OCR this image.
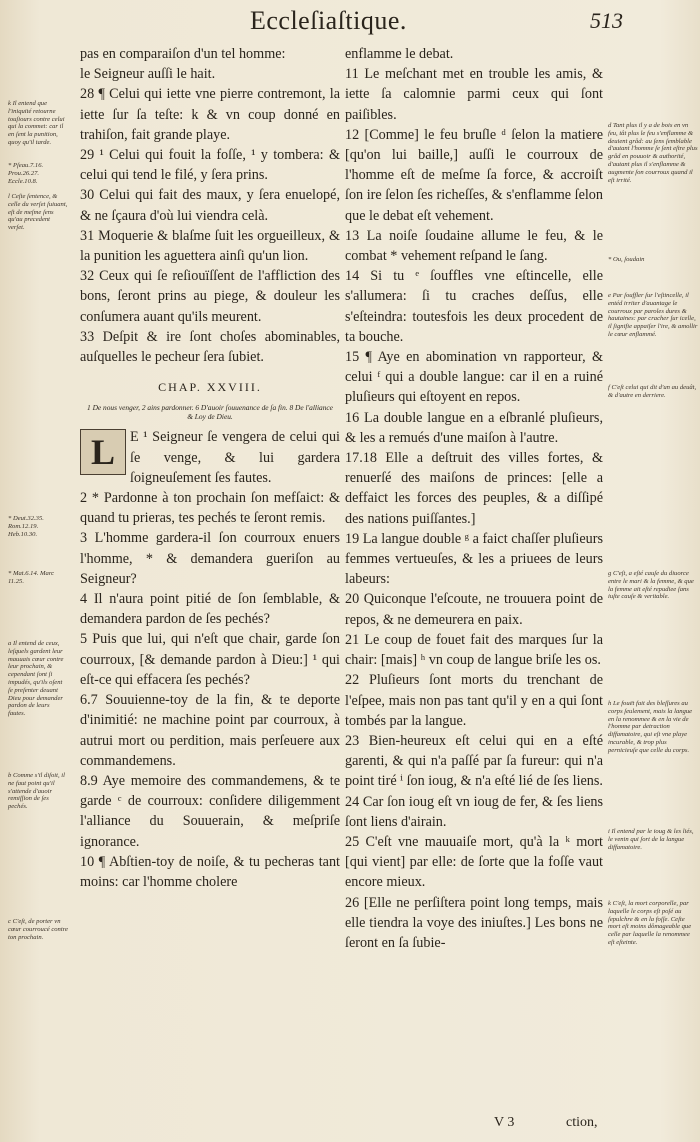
Eccleſiaſtique.	513
k Il entend que l'iniquité retourne touſiours contre celui qui la commet: car il en ſent la punition, quoy qu'il tarde.
* Pſeau.7.16. Prou.26.27. Eccle.10.8.
l Ceſte ſentence, & celle du verſet ſuiuant, eſt de meſme ſens qu'au precedent verſet.
* Deut.32.35. Rom.12.19. Heb.10.30.
* Mat.6.14. Marc 11.25.
a Il entend de ceux, leſquels gardent leur mauuais cœur contre leur prochain, & cependant ſont ſi impudés, qu'ils oſent ſe preſenter deuant Dieu pour demander pardon de leurs fautes.
b Comme s'il diſoit, il ne faut point qu'il s'attende d'auoir remiſſion de ſes pechés.
c C'eſt, de porter vn cœur courroucé contre ton prochain.

pas en comparaiſon d'un tel homme:

le Seigneur auſſi le hait.

28 ¶ Celui qui iette vne pierre contremont, la iette ſur ſa teſte: k & vn coup donné en trahiſon, fait grande playe.

29 ¹ Celui qui fouit la foſſe, ¹ y tombera: & celui qui tend le filé, y ſera prins.

30 Celui qui fait des maux, y ſera enuelopé, & ne ſçaura d'où lui viendra celà.

31 Moquerie & blaſme ſuit les orgueilleux, & la punition les aguettera ainſi qu'un lion.

32 Ceux qui ſe reſiouïſſent de l'affliction des bons, ſeront prins au piege, & douleur les conſumera auant qu'ils meurent.

33 Deſpit & ire ſont choſes abominables, auſquelles le pecheur ſera ſubiet.

CHAP. XXVIII.
1 De nous venger, 2 ains pardonner. 6 D'auoir ſouuenance de ſa fin. 8 De l'alliance & Loy de Dieu.

L	E ¹ Seigneur ſe vengera de celui qui ſe venge, & lui gardera ſoigneuſement ſes fautes.

2 * Pardonne à ton prochain ſon mefſaict: & quand tu prieras, tes pechés te ſeront remis.

3 L'homme gardera-il ſon courroux enuers l'homme, * & demandera gueriſon au Seigneur?

4 Il n'aura point pitié de ſon ſemblable, & demandera pardon de ſes pechés?

5 Puis que lui, qui n'eſt que chair, garde ſon courroux, [& demande pardon à Dieu:] ¹ qui eſt-ce qui effacera ſes pechés?

6.7 Souuienne-toy de la fin, & te deporte d'inimitié: ne machine point par courroux, à autrui mort ou perdition, mais perſeuere aux commandemens.

8.9 Aye memoire des commandemens, & te garde ᶜ de courroux: conſidere diligemment l'alliance du Souuerain, & meſpriſe ignorance.

10 ¶ Abſtien-toy de noiſe, & tu pecheras tant moins: car l'homme cholere

enflamme le debat.

11 Le meſchant met en trouble les amis, & iette ſa calomnie parmi ceux qui ſont paiſibles.

12 [Comme] le feu bruſle ᵈ ſelon la matiere [qu'on lui baille,] auſſi le courroux de l'homme eſt de meſme ſa force, & accroiſt ſon ire ſelon ſes richeſſes, & s'enflamme ſelon que le debat eſt vehement.

13 La noiſe ſoudaine allume le feu, & le combat * vehement reſpand le ſang.

14 Si tu ᵉ ſouffles vne eſtincelle, elle s'allumera: ſi tu craches deſſus, elle s'eſteindra: toutesfois les deux procedent de ta bouche.

15 ¶ Aye en abomination vn rapporteur, & celui ᶠ qui a double langue: car il en a ruiné pluſieurs qui eſtoyent en repos.

16 La double langue en a eſbranlé pluſieurs, & les a remués d'une maiſon à l'autre.

17.18 Elle a deſtruit des villes fortes, & renuerſé des maiſons de princes: [elle a deffaict les forces des peuples, & a diſſipé des nations puiſſantes.]

19 La langue double ᵍ a faict chaſſer pluſieurs femmes vertueuſes, & les a priuees de leurs labeurs:

20 Quiconque l'eſcoute, ne trouuera point de repos, & ne demeurera en paix.

21 Le coup de fouet fait des marques ſur la chair: [mais] ʰ vn coup de langue briſe les os.

22 Pluſieurs ſont morts du trenchant de l'eſpee, mais non pas tant qu'il y en a qui ſont tombés par la langue.

23 Bien-heureux eſt celui qui en a eſté garenti, & qui n'a paſſé par ſa fureur: qui n'a point tiré ⁱ ſon ioug, & n'a eſté lié de ſes liens.

24 Car ſon ioug eſt vn ioug de fer, & ſes liens ſont liens d'airain.

25 C'eſt vne mauuaiſe mort, qu'à la ᵏ mort [qui vient] par elle: de ſorte que la foſſe vaut encore mieux.

26 [Elle ne perſiſtera point long temps, mais elle tiendra la voye des iniuſtes.] Les bons ne ſeront en ſa ſubie-

d Tant plus il y a de bois en vn feu, tât plus le feu s'enflamme & deuient grâd: au ſens ſemblable d'autant l'homme ſe ſent eſtre plus grâd en pouuoir & authorité, d'autant plus il s'enflamme & augmente ſon courroux quand il eſt irrité.
* Ou, ſoudain
e Par ſouffler ſur l'eſtincelle, il entéd irriter d'auantage le courroux par paroles dures & hautaines: par cracher ſur icelle, il ſignifie appaiſer l'ire, & amollir le cœur enflammé.
f C'eſt celui qui dit d'un au deuât, & d'autre en derriere.
g C'eſt, a eſté cauſe du diuorce entre le mari & la femme, & que la femme ait eſté repudiee ſans iuſte cauſe & veritable.
h Le fouët fait des bleſſures au corps ſeulement, mais la langue en la renommee & en la vie de l'homme par detraction diffamatoire, qui eſt vne playe incurable, & trop plus pernicieuſe que celle du corps.
i Il entend par le ioug & les liés, le venin qui ſort de la langue diffamatoire.
k C'eſt, la mort corporelle, par laquelle le corps eſt poſé au ſepulchre & en la foſſe. Ceſte mort eſt moins dômageable que celle par laquelle la renommee eſt eſteinte.
V 3	ction,
